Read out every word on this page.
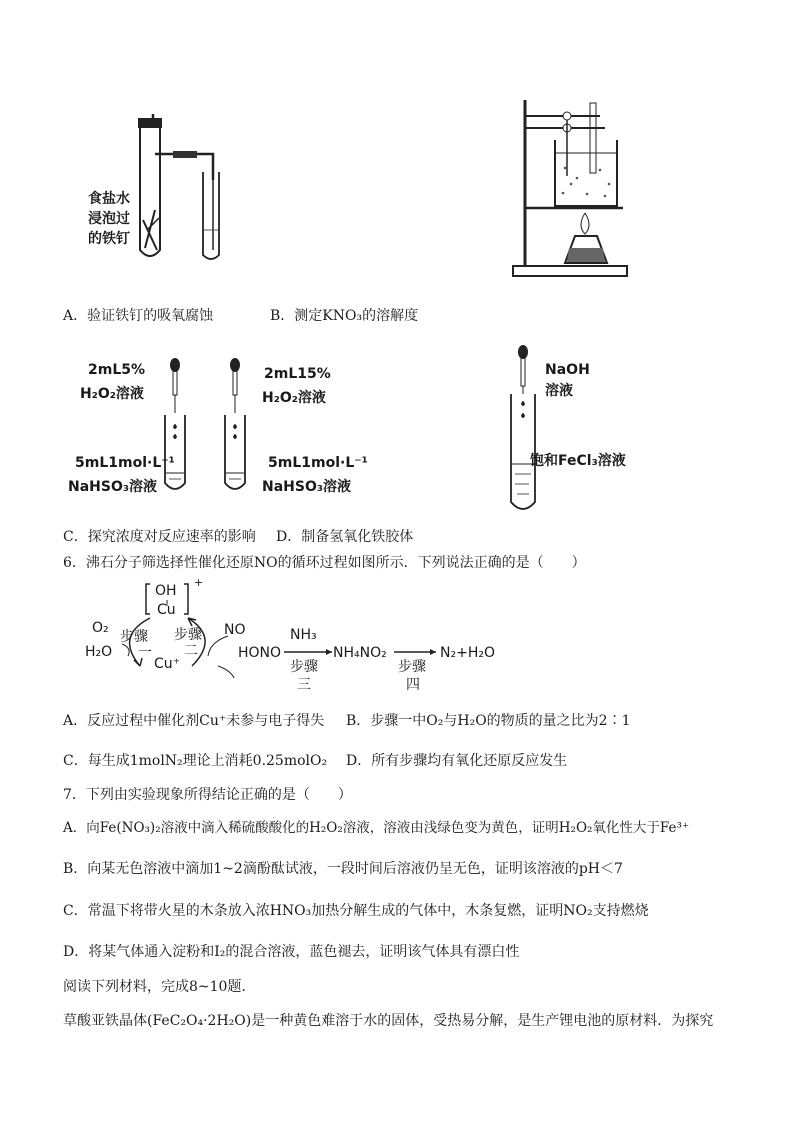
食盐水
浸泡过
的铁钉
A．验证铁钉的吸氧腐蚀	B．测定KNO₃的溶解度
2mL5%
H₂O₂溶液
5mL1mol·L⁻¹
NaHSO₃溶液
2mL15%
H₂O₂溶液
5mL1mol·L⁻¹
NaHSO₃溶液
NaOH
溶液
饱和FeCl₃溶液
C．探究浓度对反应速率的影响 D．制备氢氧化铁胶体
6．沸石分子筛选择性催化还原NO的循环过程如图所示．下列说法正确的是（　　）
OH
Cu
+
O₂
H₂O
步骤
一
步骤
二
NO
Cu⁺
HONO
NH₃
步骤
三
NH₄NO₂
步骤
四
N₂+H₂O
A．反应过程中催化剂Cu⁺未参与电子得失 B．步骤一中O₂与H₂O的物质的量之比为2∶1
C．每生成1molN₂理论上消耗0.25molO₂ D．所有步骤均有氧化还原反应发生
7．下列由实验现象所得结论正确的是（　　）
A．向Fe(NO₃)₂溶液中滴入稀硫酸酸化的H₂O₂溶液，溶液由浅绿色变为黄色，证明H₂O₂氧化性大于Fe³⁺
B．向某无色溶液中滴加1~2滴酚酞试液，一段时间后溶液仍呈无色，证明该溶液的pH＜7
C．常温下将带火星的木条放入浓HNO₃加热分解生成的气体中，木条复燃，证明NO₂支持燃烧
D．将某气体通入淀粉和I₂的混合溶液，蓝色褪去，证明该气体具有漂白性
阅读下列材料，完成8~10题．
草酸亚铁晶体(FeC₂O₄·2H₂O)是一种黄色难溶于水的固体，受热易分解，是生产锂电池的原材料．为探究
